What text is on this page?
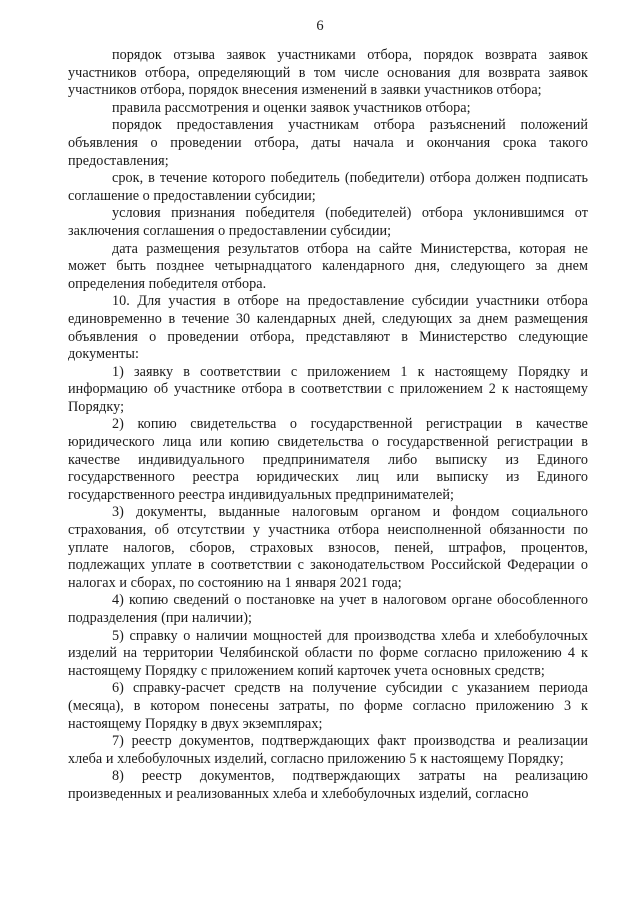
6

порядок отзыва заявок участниками отбора, порядок возврата заявок участников отбора, определяющий в том числе основания для возврата заявок участников отбора, порядок внесения изменений в заявки участников отбора;

правила рассмотрения и оценки заявок участников отбора;

порядок предоставления участникам отбора разъяснений положений объявления о проведении отбора, даты начала и окончания срока такого предоставления;

срок, в течение которого победитель (победители) отбора должен подписать соглашение о предоставлении субсидии;

условия признания победителя (победителей) отбора уклонившимся от заключения соглашения о предоставлении субсидии;

дата размещения результатов отбора на сайте Министерства, которая не может быть позднее четырнадцатого календарного дня, следующего за днем определения победителя отбора.

10. Для участия в отборе на предоставление субсидии участники отбора единовременно в течение 30 календарных дней, следующих за днем размещения объявления о проведении отбора, представляют в Министерство следующие документы:

1) заявку в соответствии с приложением 1 к настоящему Порядку и информацию об участнике отбора в соответствии с приложением 2 к настоящему Порядку;

2) копию свидетельства о государственной регистрации в качестве юридического лица или копию свидетельства о государственной регистрации в качестве индивидуального предпринимателя либо выписку из Единого государственного реестра юридических лиц или выписку из Единого государственного реестра индивидуальных предпринимателей;

3) документы, выданные налоговым органом и фондом социального страхования, об отсутствии у участника отбора неисполненной обязанности по уплате налогов, сборов, страховых взносов, пеней, штрафов, процентов, подлежащих уплате в соответствии с законодательством Российской Федерации о налогах и сборах, по состоянию на 1 января 2021 года;

4) копию сведений о постановке на учет в налоговом органе обособленного подразделения (при наличии);

5) справку о наличии мощностей для производства хлеба и хлебобулочных изделий на территории Челябинской области по форме согласно приложению 4 к настоящему Порядку с приложением копий карточек учета основных средств;

6) справку-расчет средств на получение субсидии с указанием периода (месяца), в котором понесены затраты, по форме согласно приложению 3 к настоящему Порядку в двух экземплярах;

7) реестр документов, подтверждающих факт производства и реализации хлеба и хлебобулочных изделий, согласно приложению 5 к настоящему Порядку;

8) реестр документов, подтверждающих затраты на реализацию произведенных и реализованных хлеба и хлебобулочных изделий, согласно
